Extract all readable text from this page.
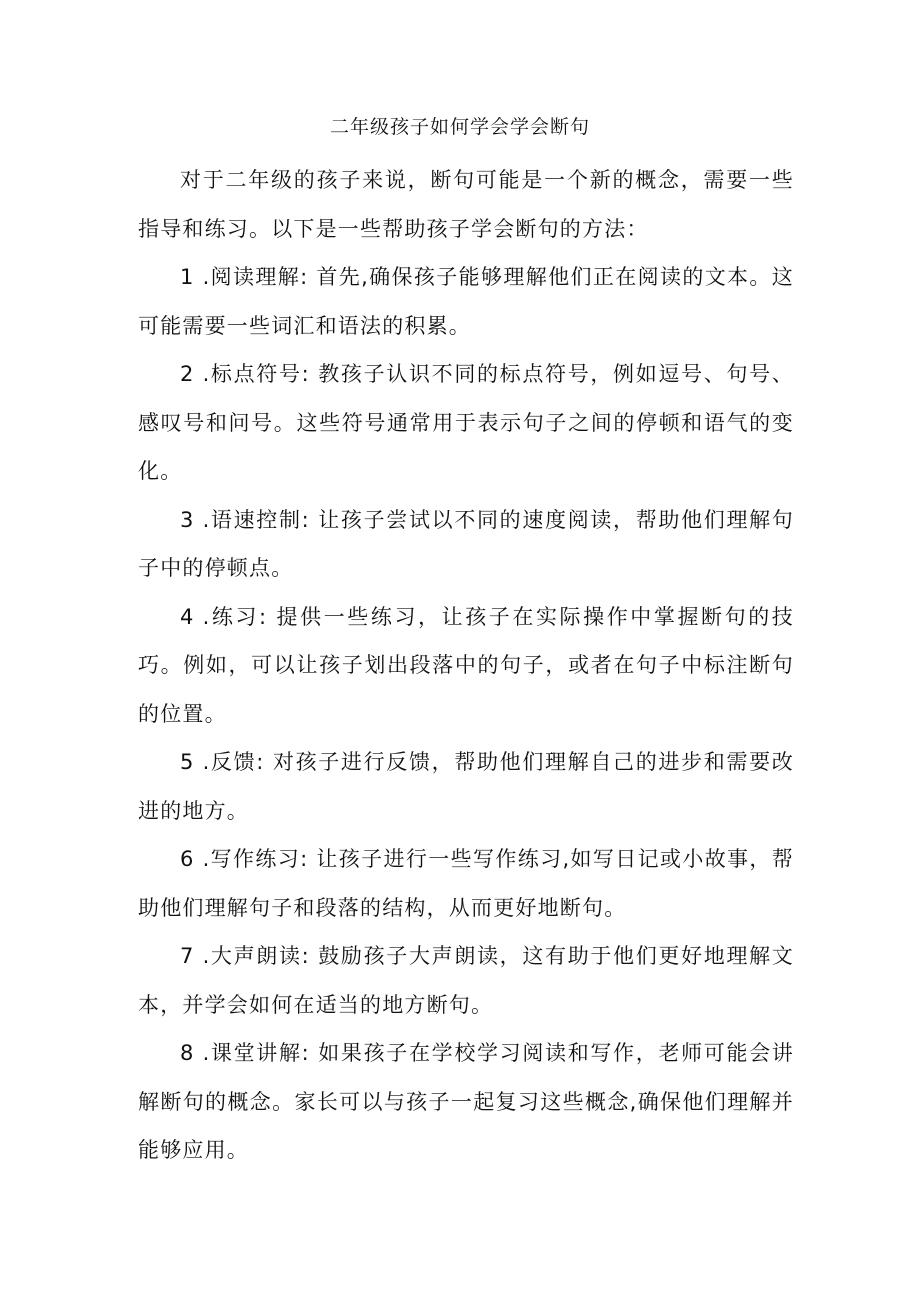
二年级孩子如何学会学会断句

对于二年级的孩子来说，断句可能是一个新的概念，需要一些指导和练习。以下是一些帮助孩子学会断句的方法：

1 .阅读理解: 首先,确保孩子能够理解他们正在阅读的文本。这可能需要一些词汇和语法的积累。

2 .标点符号: 教孩子认识不同的标点符号，例如逗号、句号、感叹号和问号。这些符号通常用于表示句子之间的停顿和语气的变化。

3 .语速控制: 让孩子尝试以不同的速度阅读，帮助他们理解句子中的停顿点。

4 .练习: 提供一些练习，让孩子在实际操作中掌握断句的技巧。例如，可以让孩子划出段落中的句子，或者在句子中标注断句的位置。

5 .反馈: 对孩子进行反馈，帮助他们理解自己的进步和需要改进的地方。

6 .写作练习: 让孩子进行一些写作练习,如写日记或小故事，帮助他们理解句子和段落的结构，从而更好地断句。

7 .大声朗读: 鼓励孩子大声朗读，这有助于他们更好地理解文本，并学会如何在适当的地方断句。

8 .课堂讲解: 如果孩子在学校学习阅读和写作，老师可能会讲解断句的概念。家长可以与孩子一起复习这些概念,确保他们理解并能够应用。
